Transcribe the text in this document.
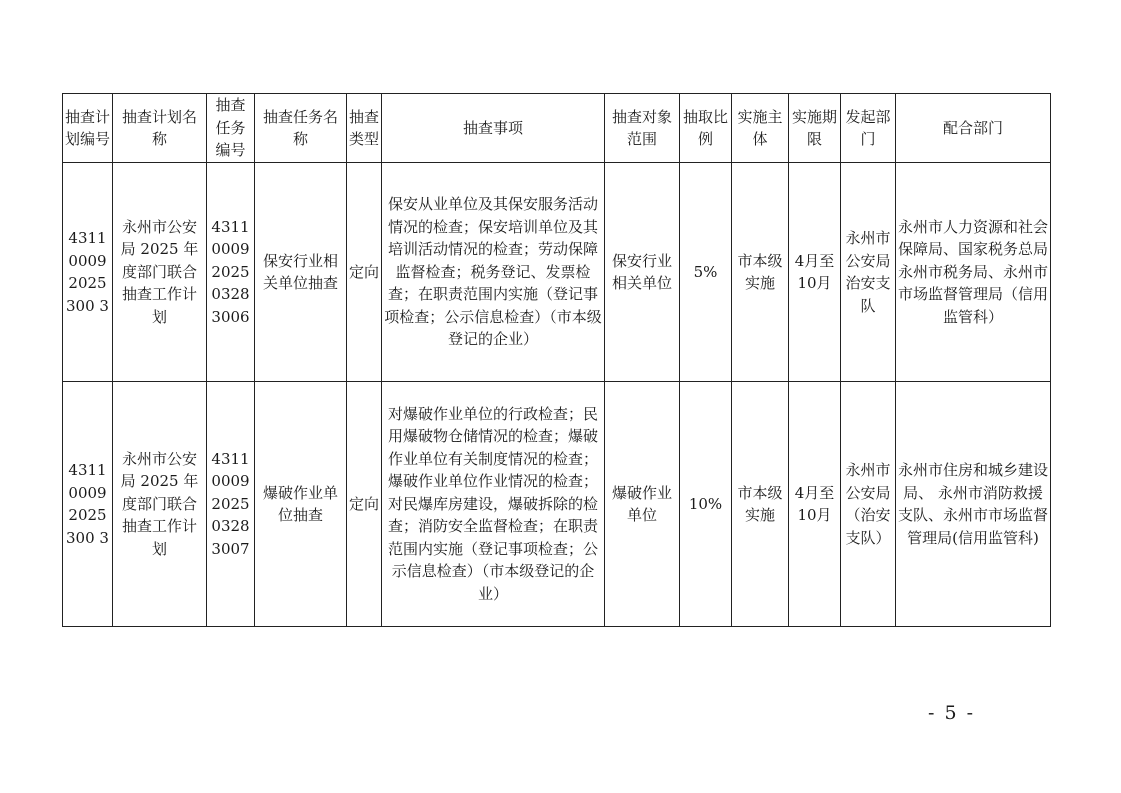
抽查计划编号	抽查计划名称	抽查任务编号	抽查任务名称	抽查类型	抽查事项	抽查对象范围	抽取比例	实施主体	实施期限	发起部门	配合部门
431100092025300 3	永州市公安局 2025 年度部门联合抽查工作计划	43110009202503283006	保安行业相关单位抽查	定向	保安从业单位及其保安服务活动情况的检查；保安培训单位及其培训活动情况的检查；劳动保障监督检查；税务登记、发票检查；在职责范围内实施（登记事项检查；公示信息检查）（市本级登记的企业）	保安行业相关单位	5%	市本级实施	4月至10月	永州市公安局治安支队	永州市人力资源和社会保障局、国家税务总局永州市税务局、永州市市场监督管理局（信用监管科）
431100092025300 3	永州市公安局 2025 年度部门联合抽查工作计划	43110009202503283007	爆破作业单位抽查	定向	对爆破作业单位的行政检查；民用爆破物仓储情况的检查；爆破作业单位有关制度情况的检查；爆破作业单位作业情况的检查；对民爆库房建设，爆破拆除的检查；消防安全监督检查；在职责范围内实施（登记事项检查；公示信息检查）（市本级登记的企业）	爆破作业单位	10%	市本级实施	4月至10月	永州市公安局（治安支队）	永州市住房和城乡建设局、 永州市消防救援支队、永州市市场监督管理局(信用监管科)
- 5 -
